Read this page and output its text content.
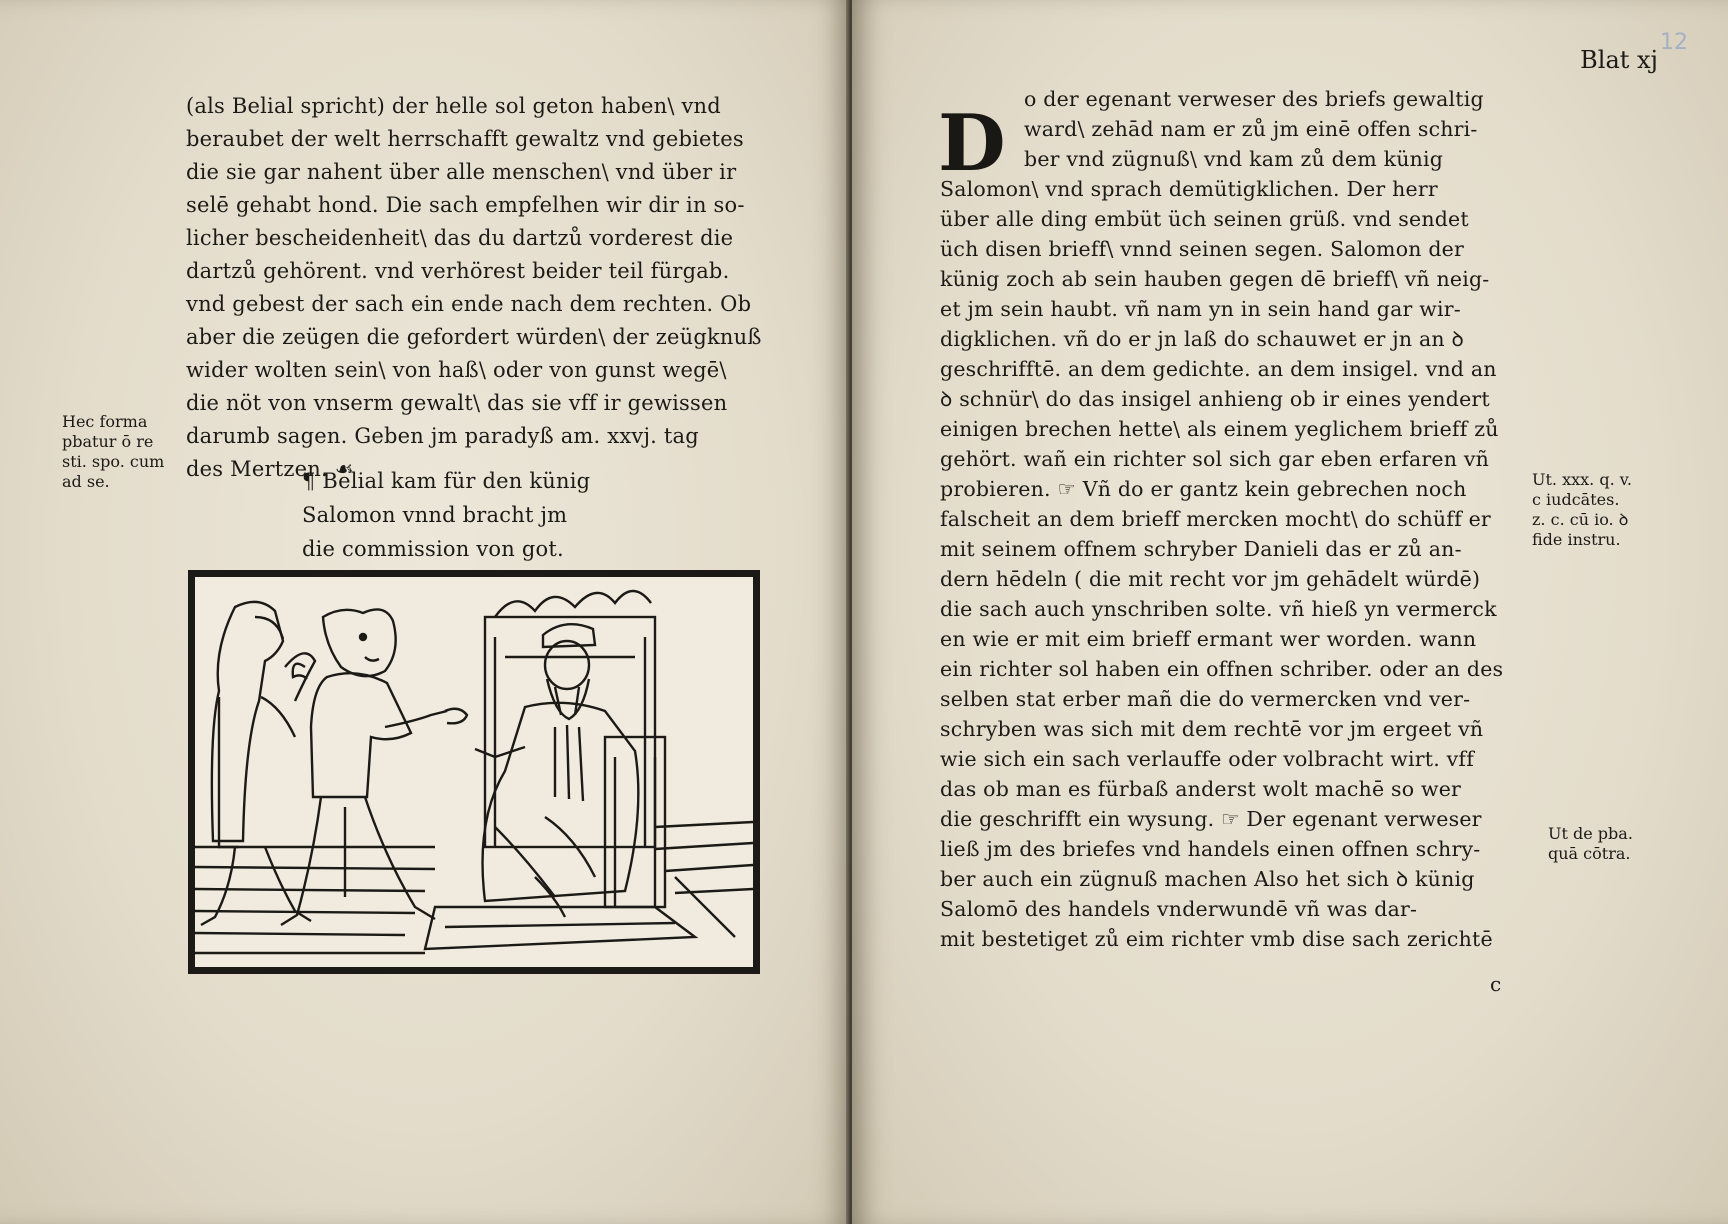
Hec forma
pbatur ō re
sti. spo. cum
ad se.
(als Belial spricht) der helle sol geton haben\ vnd
beraubet der welt herrschafft gewaltz vnd gebietes
die sie gar nahent über alle menschen\ vnd über ir
selē gehabt hond. Die sach empfelhen wir dir in so-
licher bescheidenheit\ das du dartzů vorderest die
dartzů gehörent. vnd verhörest beider teil fürgab.
vnd gebest der sach ein ende nach dem rechten. Ob
aber die zeügen die gefordert würden\ der zeügknuß
wider wolten sein\ von haß\ oder von gunst wegē\
die nöt von vnserm gewalt\ das sie vff ir gewissen
darumb sagen. Geben jm paradyß am. xxvj. tag
des Mertzen. ☙
¶ Belial kam für den künig
Salomon vnnd bracht jm
die commission von got.
12
Blat xj
D o der egenant verweser des briefs gewaltig
ward\ zehād nam er zů jm einē offen schri-
ber vnd zügnuß\ vnd kam zů dem künig
Salomon\ vnd sprach demütigklichen. Der herr
über alle ding embüt üch seinen grüß. vnd sendet
üch disen brieff\ vnnd seinen segen. Salomon der
künig zoch ab sein hauben gegen dē brieff\ vñ neig-
et jm sein haubt. vñ nam yn in sein hand gar wir-
digklichen. vñ do er jn laß do schauwet er jn an ꝺ
geschrifftē. an dem gedichte. an dem insigel. vnd an
ꝺ schnür\ do das insigel anhieng ob ir eines yendert
einigen brechen hette\ als einem yeglichem brieff zů
gehört. wañ ein richter sol sich gar eben erfaren vñ
probieren. ☞ Vñ do er gantz kein gebrechen noch
falscheit an dem brieff mercken mocht\ do schüff er
mit seinem offnem schryber Danieli das er zů an-
dern hēdeln ( die mit recht vor jm gehādelt würdē)
die sach auch ynschriben solte. vñ hieß yn vermerck
en wie er mit eim brieff ermant wer worden. wann
ein richter sol haben ein offnen schriber. oder an des
selben stat erber mañ die do vermercken vnd ver-
schryben was sich mit dem rechtē vor jm ergeet vñ
wie sich ein sach verlauffe oder volbracht wirt. vff
das ob man es fürbaß anderst wolt machē so wer
die geschrifft ein wysung. ☞ Der egenant verweser
ließ jm des briefes vnd handels einen offnen schry-
ber auch ein zügnuß machen Also het sich ꝺ künig
Salomō des handels vnderwundē vñ was dar-
mit bestetiget zů eim richter vmb dise sach zerichtē
c
Ut. xxx. q. v.
c iudcātes.
z. c. cū io. ꝺ
fide instru.
Ut de pba.
quā cōtra.
